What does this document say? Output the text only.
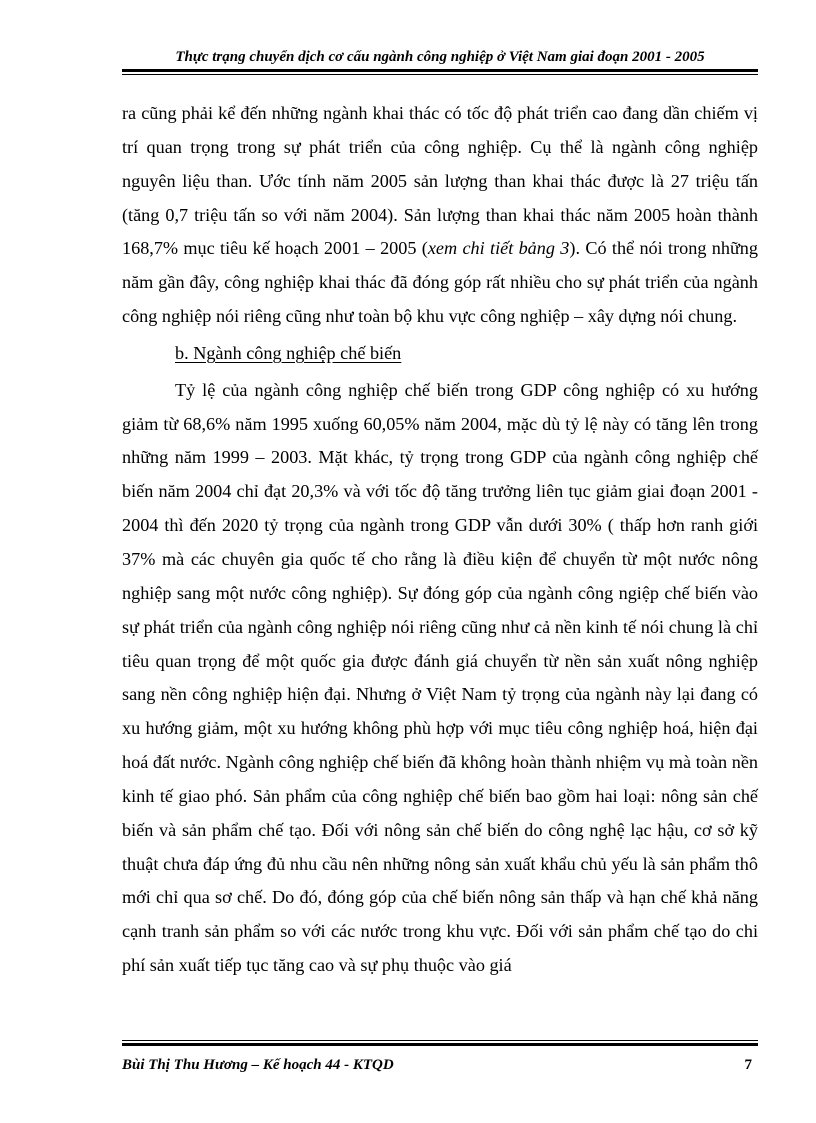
Thực trạng chuyển dịch cơ cấu ngành công nghiệp ở Việt Nam giai đoạn 2001 - 2005

ra cũng phải kể đến những ngành khai thác có tốc độ phát triển cao đang dần chiếm vị trí quan trọng trong sự phát triển của công nghiệp. Cụ thể là ngành công nghiệp nguyên liệu than. Ước tính năm 2005 sản lượng than khai thác được là 27 triệu tấn (tăng 0,7 triệu tấn so với năm 2004). Sản lượng than khai thác năm 2005 hoàn thành 168,7% mục tiêu kế hoạch 2001 – 2005 (xem chi tiết bảng 3). Có thể nói trong những năm gần đây, công nghiệp khai thác đã đóng góp rất nhiều cho sự phát triển của ngành công nghiệp nói riêng cũng như toàn bộ khu vực công nghiệp – xây dựng nói chung.

b. Ngành công nghiệp chế biến

Tỷ lệ của ngành công nghiệp chế biến trong GDP công nghiệp có xu hướng giảm từ 68,6% năm 1995 xuống 60,05% năm 2004, mặc dù tỷ lệ này có tăng lên trong những năm 1999 – 2003. Mặt khác, tỷ trọng trong GDP của ngành công nghiệp chế biến năm 2004 chỉ đạt 20,3% và với tốc độ tăng trưởng liên tục giảm giai đoạn 2001 - 2004 thì đến 2020 tỷ trọng của ngành trong GDP vẫn dưới 30% ( thấp hơn ranh giới 37% mà các chuyên gia quốc tế cho rằng là điều kiện để chuyển từ một nước nông nghiệp sang một nước công nghiệp). Sự đóng góp của ngành công ngiệp chế biến vào sự phát triển của ngành công nghiệp nói riêng cũng như cả nền kinh tế nói chung là chỉ tiêu quan trọng để một quốc gia được đánh giá chuyển từ nền sản xuất nông nghiệp sang nền công nghiệp hiện đại. Nhưng ở Việt Nam tỷ trọng của ngành này lại đang có xu hướng giảm, một xu hướng không phù hợp với mục tiêu công nghiệp hoá, hiện đại hoá đất nước. Ngành công nghiệp chế biến đã không hoàn thành nhiệm vụ mà toàn nền kinh tế giao phó. Sản phẩm của công nghiệp chế biến bao gồm hai loại: nông sản chế biến và sản phẩm chế tạo. Đối với nông sản chế biến do công nghệ lạc hậu, cơ sở kỹ thuật chưa đáp ứng đủ nhu cầu nên những nông sản xuất khẩu chủ yếu là sản phẩm thô mới chỉ qua sơ chế. Do đó, đóng góp của chế biến nông sản thấp và hạn chế khả năng cạnh tranh sản phẩm so với các nước trong khu vực. Đối với sản phẩm chế tạo do chi phí sản xuất tiếp tục tăng cao và sự phụ thuộc vào giá

Bùi Thị Thu Hương – Kế hoạch 44 - KTQD	7
